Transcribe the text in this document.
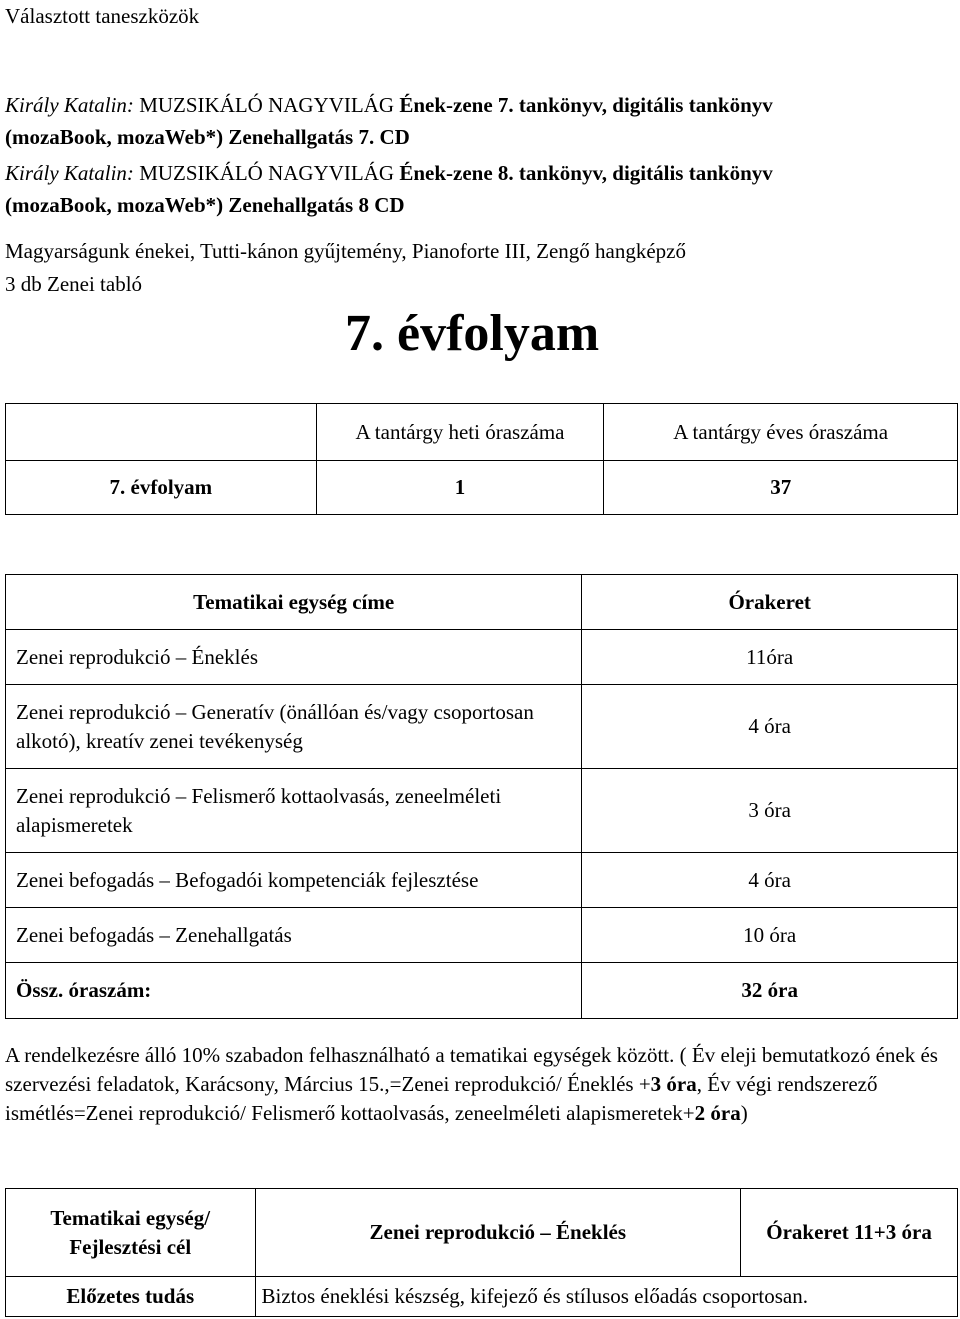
Választott taneszközök
Király Katalin: MUZSIKÁLÓ NAGYVILÁG Ének-zene 7. tankönyv, digitális tankönyv
(mozaBook, mozaWeb*) Zenehallgatás 7. CD
Király Katalin: MUZSIKÁLÓ NAGYVILÁG Ének-zene 8. tankönyv, digitális tankönyv
(mozaBook, mozaWeb*) Zenehallgatás 8 CD
Magyarságunk énekei, Tutti-kánon gyűjtemény, Pianoforte III, Zengő hangképző
3 db Zenei tabló
7. évfolyam
	A tantárgy heti óraszáma	A tantárgy éves óraszáma
7. évfolyam	1	37
Tematikai egység címe	Órakeret
Zenei reprodukció – Éneklés	11óra
Zenei reprodukció – Generatív (önállóan és/vagy csoportosan alkotó), kreatív zenei tevékenység	4 óra
Zenei reprodukció – Felismerő kottaolvasás, zeneelméleti alapismeretek	3 óra
Zenei befogadás – Befogadói kompetenciák fejlesztése	4 óra
Zenei befogadás – Zenehallgatás	10 óra
Össz. óraszám:	32 óra
A rendelkezésre álló 10% szabadon felhasználható a tematikai egységek között. ( Év eleji bemutatkozó ének és szervezési feladatok, Karácsony, Március 15.,=Zenei reprodukció/ Éneklés +3 óra, Év végi rendszerező ismétlés=Zenei reprodukció/ Felismerő kottaolvasás, zeneelméleti alapismeretek+2 óra)
Tematikai egység/ Fejlesztési cél	Zenei reprodukció – Éneklés	Órakeret 11+3 óra
Előzetes tudás	Biztos éneklési készség, kifejező és stílusos előadás csoportosan.	
